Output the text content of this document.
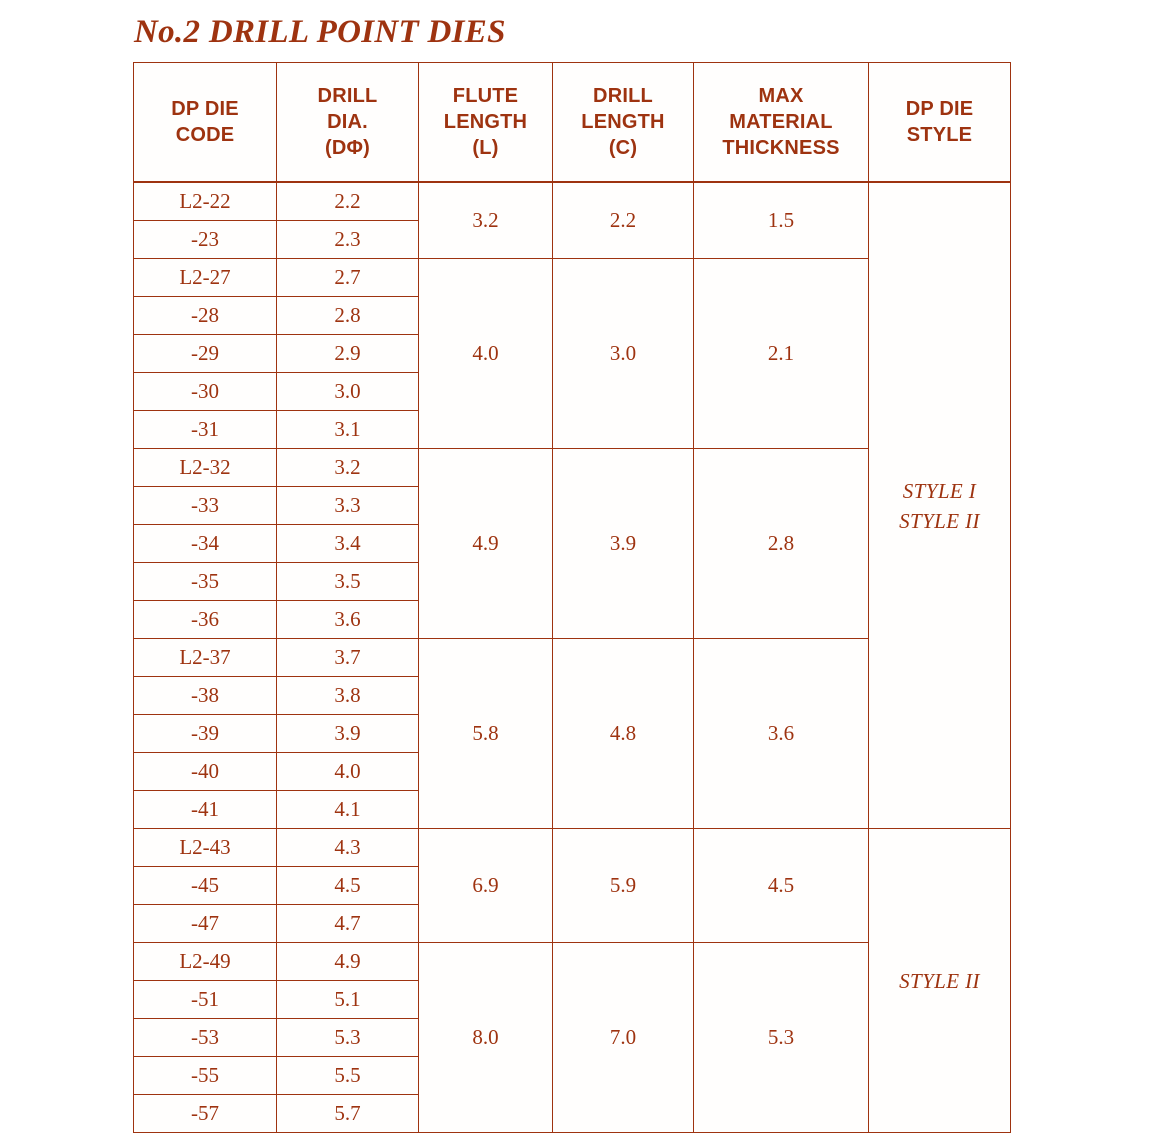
No.2 DRILL POINT DIES
DP DIE
CODE	DRILL
DIA.
(DΦ)	FLUTE
LENGTH
(L)	DRILL
LENGTH
(C)	MAX
MATERIAL
THICKNESS	DP DIE
STYLE

L2-22	2.2	3.2	2.2	1.5	STYLE I
STYLE II

-23	2.3				
L2-27	2.7	4.0	3.0	2.1	
-28	2.8				
-29	2.9				
-30	3.0				
-31	3.1				
L2-32	3.2	4.9	3.9	2.8	
-33	3.3				
-34	3.4				
-35	3.5				
-36	3.6				
L2-37	3.7	5.8	4.8	3.6	
-38	3.8				
-39	3.9				
-40	4.0				
-41	4.1				
L2-43	4.3	6.9	5.9	4.5	STYLE II

-45	4.5				
-47	4.7				
L2-49	4.9	8.0	7.0	5.3	
-51	5.1				
-53	5.3				
-55	5.5				
-57	5.7				
